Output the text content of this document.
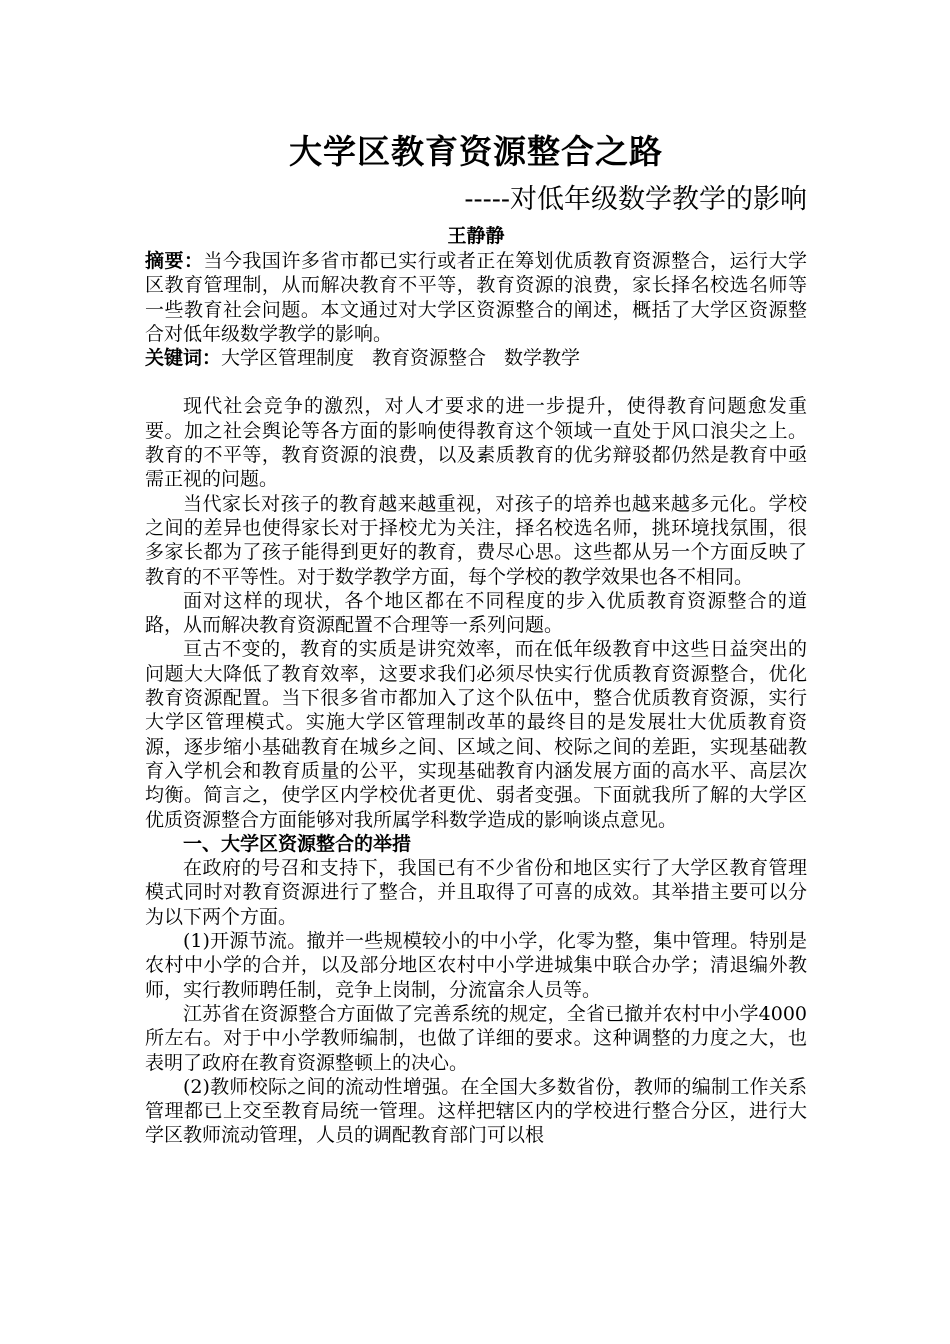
大学区教育资源整合之路
-----对低年级数学教学的影响
王静静

摘要：当今我国许多省市都已实行或者正在筹划优质教育资源整合，运行大学区教育管理制，从而解决教育不平等，教育资源的浪费，家长择名校选名师等一些教育社会问题。本文通过对大学区资源整合的阐述，概括了大学区资源整合对低年级数学教学的影响。

关键词：大学区管理制度 教育资源整合 数学教学

现代社会竞争的激烈，对人才要求的进一步提升，使得教育问题愈发重要。加之社会舆论等各方面的影响使得教育这个领域一直处于风口浪尖之上。教育的不平等，教育资源的浪费，以及素质教育的优劣辩驳都仍然是教育中亟需正视的问题。

当代家长对孩子的教育越来越重视，对孩子的培养也越来越多元化。学校之间的差异也使得家长对于择校尤为关注，择名校选名师，挑环境找氛围，很多家长都为了孩子能得到更好的教育，费尽心思。这些都从另一个方面反映了教育的不平等性。对于数学教学方面，每个学校的教学效果也各不相同。

面对这样的现状，各个地区都在不同程度的步入优质教育资源整合的道路，从而解决教育资源配置不合理等一系列问题。

亘古不变的，教育的实质是讲究效率，而在低年级教育中这些日益突出的问题大大降低了教育效率，这要求我们必须尽快实行优质教育资源整合，优化教育资源配置。当下很多省市都加入了这个队伍中，整合优质教育资源，实行大学区管理模式。实施大学区管理制改革的最终目的是发展壮大优质教育资源，逐步缩小基础教育在城乡之间、区域之间、校际之间的差距，实现基础教育入学机会和教育质量的公平，实现基础教育内涵发展方面的高水平、高层次均衡。简言之，使学区内学校优者更优、弱者变强。下面就我所了解的大学区优质资源整合方面能够对我所属学科数学造成的影响谈点意见。

一、大学区资源整合的举措

在政府的号召和支持下，我国已有不少省份和地区实行了大学区教育管理模式同时对教育资源进行了整合，并且取得了可喜的成效。其举措主要可以分为以下两个方面。

(1)开源节流。撤并一些规模较小的中小学，化零为整，集中管理。特别是农村中小学的合并，以及部分地区农村中小学进城集中联合办学；清退编外教师，实行教师聘任制，竞争上岗制，分流富余人员等。

江苏省在资源整合方面做了完善系统的规定，全省已撤并农村中小学4000所左右。对于中小学教师编制，也做了详细的要求。这种调整的力度之大，也表明了政府在教育资源整顿上的决心。

(2)教师校际之间的流动性增强。在全国大多数省份，教师的编制工作关系管理都已上交至教育局统一管理。这样把辖区内的学校进行整合分区，进行大学区教师流动管理，人员的调配教育部门可以根
